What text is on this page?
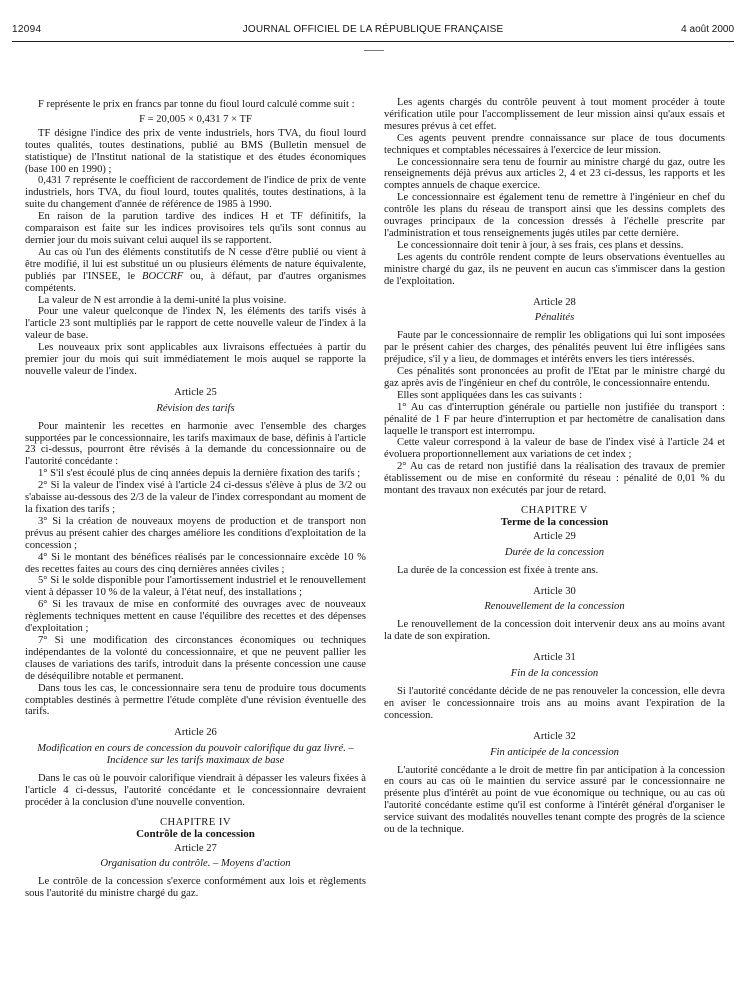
12094	JOURNAL OFFICIEL DE LA RÉPUBLIQUE FRANÇAISE	4 août 2000

F représente le prix en francs par tonne du fioul lourd calculé comme suit :

F = 20,005 × 0,431 7 × TF

TF désigne l'indice des prix de vente industriels, hors TVA, du fioul lourd toutes qualités, toutes destinations, publié au BMS (Bulletin mensuel de statistique) de l'Institut national de la statistique et des études économiques (base 100 en 1990) ;

0,431 7 représente le coefficient de raccordement de l'indice de prix de vente industriels, hors TVA, du fioul lourd, toutes qualités, toutes destinations, à la suite du changement d'année de référence de 1985 à 1990.

En raison de la parution tardive des indices H et TF définitifs, la comparaison est faite sur les indices provisoires tels qu'ils sont connus au dernier jour du mois suivant celui auquel ils se rapportent.

Au cas où l'un des éléments constitutifs de N cesse d'être publié ou vient à être modifié, il lui est substitué un ou plusieurs éléments de nature équivalente, publiés par l'INSEE, le BOCCRF ou, à défaut, par d'autres organismes compétents.

La valeur de N est arrondie à la demi-unité la plus voisine.

Pour une valeur quelconque de l'index N, les éléments des tarifs visés à l'article 23 sont multipliés par le rapport de cette nouvelle valeur de l'index à la valeur de base.

Les nouveaux prix sont applicables aux livraisons effectuées à partir du premier jour du mois qui suit immédiatement le mois auquel se rapporte la nouvelle valeur de l'index.

Article 25

Révision des tarifs

Pour maintenir les recettes en harmonie avec l'ensemble des charges supportées par le concessionnaire, les tarifs maximaux de base, définis à l'article 23 ci-dessus, pourront être révisés à la demande du concessionnaire ou de l'autorité concédante :

1° S'il s'est écoulé plus de cinq années depuis la dernière fixation des tarifs ;

2° Si la valeur de l'index visé à l'article 24 ci-dessus s'élève à plus de 3/2 ou s'abaisse au-dessous des 2/3 de la valeur de l'index correspondant au moment de la fixation des tarifs ;

3° Si la création de nouveaux moyens de production et de transport non prévus au présent cahier des charges améliore les conditions d'exploitation de la concession ;

4° Si le montant des bénéfices réalisés par le concessionnaire excède 10 % des recettes faites au cours des cinq dernières années civiles ;

5° Si le solde disponible pour l'amortissement industriel et le renouvellement vient à dépasser 10 % de la valeur, à l'état neuf, des installations ;

6° Si les travaux de mise en conformité des ouvrages avec de nouveaux règlements techniques mettent en cause l'équilibre des recettes et des dépenses d'exploitation ;

7° Si une modification des circonstances économiques ou techniques indépendantes de la volonté du concessionnaire, et que ne peuvent pallier les clauses de variations des tarifs, introduit dans la présente concession une cause de déséquilibre notable et permanent.

Dans tous les cas, le concessionnaire sera tenu de produire tous documents comptables destinés à permettre l'étude complète d'une révision éventuelle des tarifs.

Article 26

Modification en cours de concession du pouvoir calorifique du gaz livré. – Incidence sur les tarifs maximaux de base

Dans le cas où le pouvoir calorifique viendrait à dépasser les valeurs fixées à l'article 4 ci-dessus, l'autorité concédante et le concessionnaire devraient procéder à la conclusion d'une nouvelle convention.

CHAPITRE IV

Contrôle de la concession

Article 27

Organisation du contrôle. – Moyens d'action

Le contrôle de la concession s'exerce conformément aux lois et règlements sous l'autorité du ministre chargé du gaz.

Les agents chargés du contrôle peuvent à tout moment procéder à toute vérification utile pour l'accomplissement de leur mission ainsi qu'aux essais et mesures prévus à cet effet.

Ces agents peuvent prendre connaissance sur place de tous documents techniques et comptables nécessaires à l'exercice de leur mission.

Le concessionnaire sera tenu de fournir au ministre chargé du gaz, outre les renseignements déjà prévus aux articles 2, 4 et 23 ci-dessus, les rapports et les comptes annuels de chaque exercice.

Le concessionnaire est également tenu de remettre à l'ingénieur en chef du contrôle les plans du réseau de transport ainsi que les dessins complets des ouvrages principaux de la concession dressés à l'échelle prescrite par l'administration et tous renseignements jugés utiles par cette dernière.

Le concessionnaire doit tenir à jour, à ses frais, ces plans et dessins.

Les agents du contrôle rendent compte de leurs observations éventuelles au ministre chargé du gaz, ils ne peuvent en aucun cas s'immiscer dans la gestion de l'exploitation.

Article 28

Pénalités

Faute par le concessionnaire de remplir les obligations qui lui sont imposées par le présent cahier des charges, des pénalités peuvent lui être infligées sans préjudice, s'il y a lieu, de dommages et intérêts envers les tiers intéressés.

Ces pénalités sont prononcées au profit de l'Etat par le ministre chargé du gaz après avis de l'ingénieur en chef du contrôle, le concessionnaire entendu.

Elles sont appliquées dans les cas suivants :

1° Au cas d'interruption générale ou partielle non justifiée du transport : pénalité de 1 F par heure d'interruption et par hectomètre de canalisation dans laquelle le transport est interrompu.

Cette valeur correspond à la valeur de base de l'index visé à l'article 24 et évoluera proportionnellement aux variations de cet index ;

2° Au cas de retard non justifié dans la réalisation des travaux de premier établissement ou de mise en conformité du réseau : pénalité de 0,01 % du montant des travaux non exécutés par jour de retard.

CHAPITRE V

Terme de la concession

Article 29

Durée de la concession

La durée de la concession est fixée à trente ans.

Article 30

Renouvellement de la concession

Le renouvellement de la concession doit intervenir deux ans au moins avant la date de son expiration.

Article 31

Fin de la concession

Si l'autorité concédante décide de ne pas renouveler la concession, elle devra en aviser le concessionnaire trois ans au moins avant l'expiration de la concession.

Article 32

Fin anticipée de la concession

L'autorité concédante a le droit de mettre fin par anticipation à la concession en cours au cas où le maintien du service assuré par le concessionnaire ne présente plus d'intérêt au point de vue économique ou technique, ou au cas où l'autorité concédante estime qu'il est conforme à l'intérêt général d'organiser le service suivant des modalités nouvelles tenant compte des progrès de la science ou de la technique.
